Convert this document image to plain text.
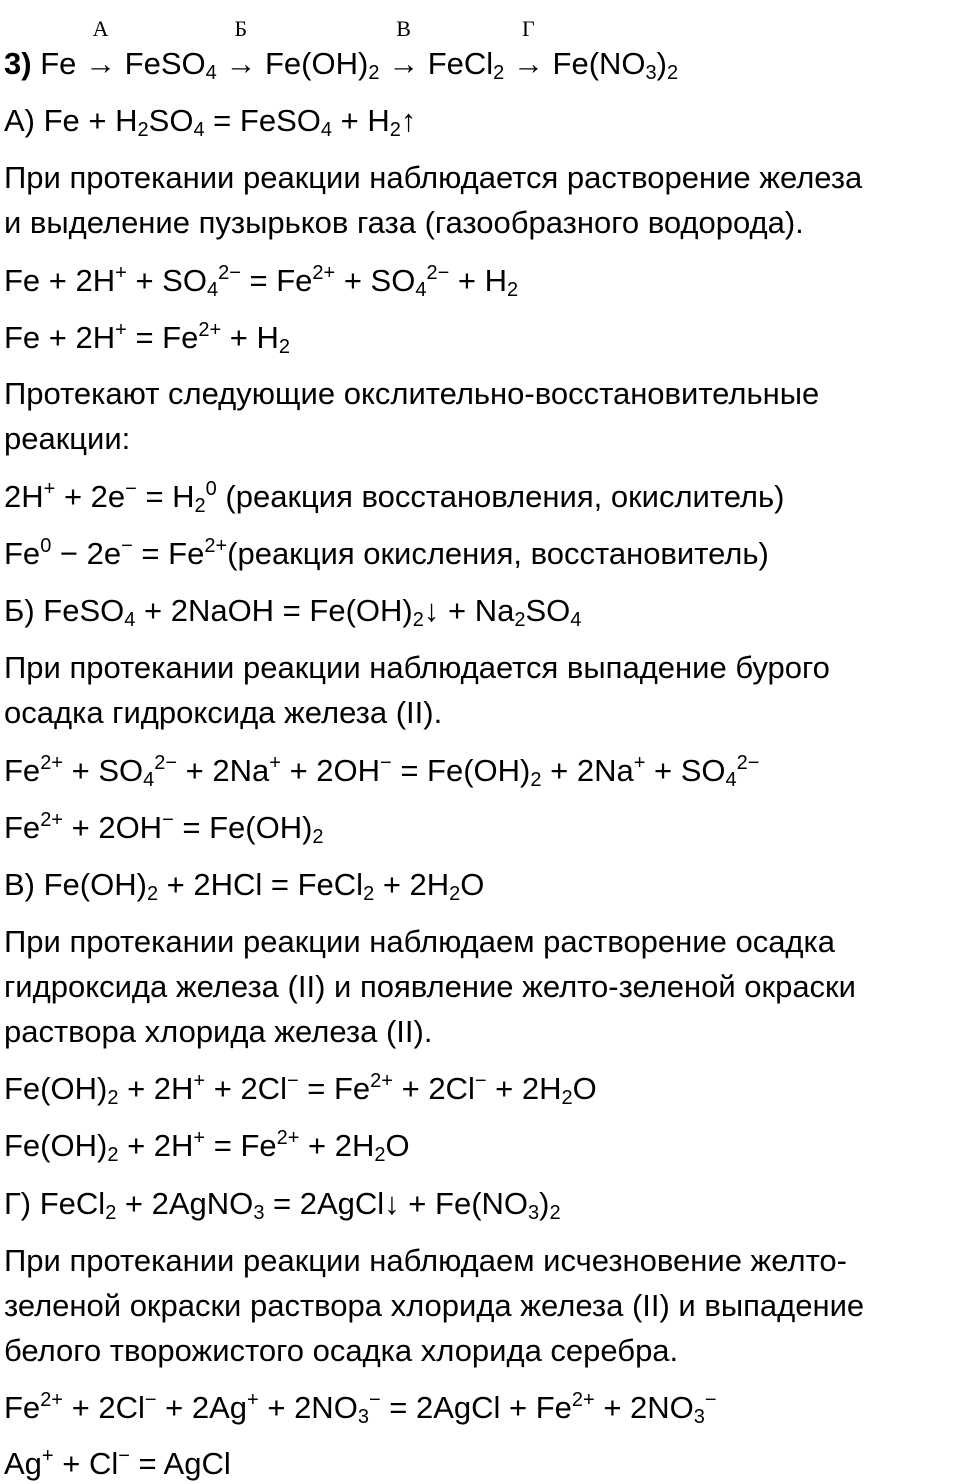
3) Fe
А
→ FeSO$_4$
Б
→ $Fe(OH)_2$
В
→ FeCl$_2$
Г
→ $Fe(NO_3)_2$
А) $Fe + H_2SO_4$ = FeSO$_4$ + $H_2↑$
При протекании реакции наблюдается растворение железа
и выделение пузырьков газа (газообразного водорода).
$Fe + 2H^+ + SO_4^{2-} = Fe^{2+} + SO_4^{2-} + H_2$
$Fe + 2H^+ = Fe^{2+} + H_2$
Протекают следующие окслительно-восстановительные
реакции:
$2H^+ + 2e^- = H_2^0$ (реакция восстановления, окислитель)
$Fe^0 - 2e^-$ = $Fe^{2+}(реакция$ окисления, восстановитель)
Б) FeSO$_4$ + 2NaOH = $Fe(OH)_2↓ + Na_2SO_4$
При протекании реакции наблюдается выпадение бурого
осадка гидроксида железа (II).
$Fe^{2+} + SO_4^{2-} + 2Na^+ + 2OH^- = Fe(OH)_2 + 2Na^+ + SO_4^{2-}$
$Fe^{2+} + 2OH^- = Fe(OH)_2$
В) $Fe(OH)_2 + 2HCl$ = FeCl$_2$ + $2H_2O$
При протекании реакции наблюдаем растворение осадка
гидроксида железа (II) и появление желто-зеленой окраски
раствора хлорида железа (II).
$Fe(OH)_2 + 2H^+ + 2Cl^- = Fe^{2+} + 2Cl^- + 2H_2O$
$Fe(OH)_2 + 2H^+ = Fe^{2+} + 2H_2O$
Г) FeCl$_2$ + 2AgNO$_3$ = 2AgCl↓ + $Fe(NO_3)_2$
При протекании реакции наблюдаем исчезновение желто-
зеленой окраски раствора хлорида железа (II) и выпадение
белого творожистого осадка хлорида серебра.
$Fe^{2+} + 2Cl^- + 2Ag^+ + 2NO_3^-$ = 2AgCl + $Fe^{2+} + 2NO_3^-$
Ag+ + Cl− = AgCl
